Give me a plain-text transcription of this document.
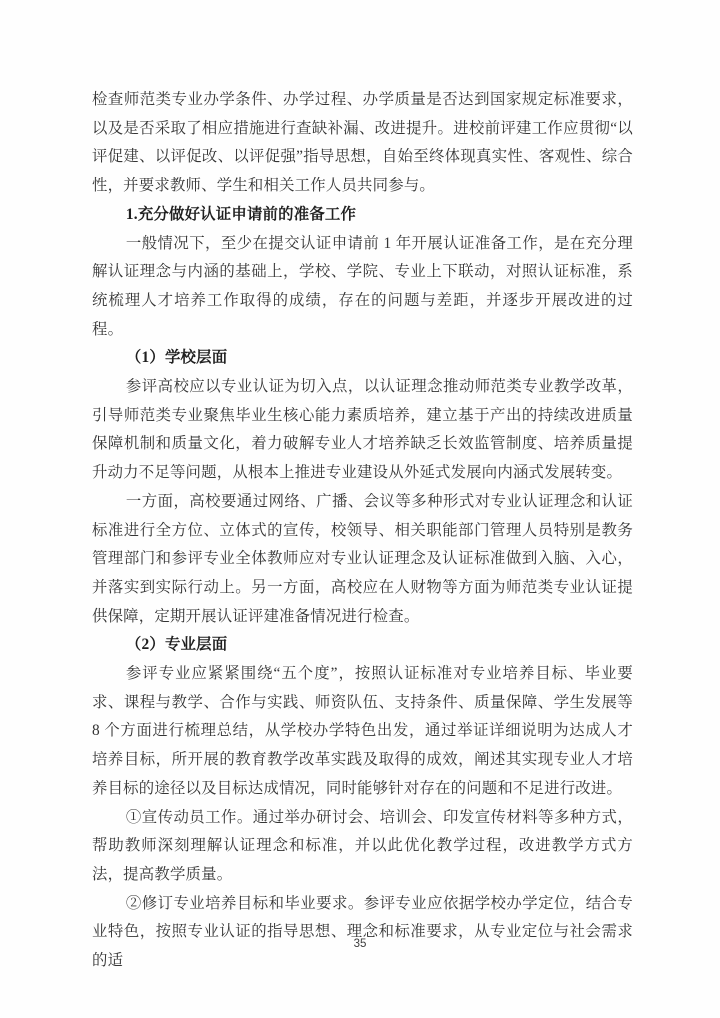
检查师范类专业办学条件、办学过程、办学质量是否达到国家规定标准要求，以及是否采取了相应措施进行查缺补漏、改进提升。进校前评建工作应贯彻“以评促建、以评促改、以评促强”指导思想，自始至终体现真实性、客观性、综合性，并要求教师、学生和相关工作人员共同参与。

1.充分做好认证申请前的准备工作

一般情况下，至少在提交认证申请前 1 年开展认证准备工作，是在充分理解认证理念与内涵的基础上，学校、学院、专业上下联动，对照认证标准，系统梳理人才培养工作取得的成绩，存在的问题与差距，并逐步开展改进的过程。

（1）学校层面

参评高校应以专业认证为切入点，以认证理念推动师范类专业教学改革，引导师范类专业聚焦毕业生核心能力素质培养，建立基于产出的持续改进质量保障机制和质量文化，着力破解专业人才培养缺乏长效监管制度、培养质量提升动力不足等问题，从根本上推进专业建设从外延式发展向内涵式发展转变。

一方面，高校要通过网络、广播、会议等多种形式对专业认证理念和认证标准进行全方位、立体式的宣传，校领导、相关职能部门管理人员特别是教务管理部门和参评专业全体教师应对专业认证理念及认证标准做到入脑、入心，并落实到实际行动上。另一方面，高校应在人财物等方面为师范类专业认证提供保障，定期开展认证评建准备情况进行检查。

（2）专业层面

参评专业应紧紧围绕“五个度”，按照认证标准对专业培养目标、毕业要求、课程与教学、合作与实践、师资队伍、支持条件、质量保障、学生发展等 8 个方面进行梳理总结，从学校办学特色出发，通过举证详细说明为达成人才培养目标，所开展的教育教学改革实践及取得的成效，阐述其实现专业人才培养目标的途径以及目标达成情况，同时能够针对存在的问题和不足进行改进。

①宣传动员工作。通过举办研讨会、培训会、印发宣传材料等多种方式，帮助教师深刻理解认证理念和标准，并以此优化教学过程，改进教学方式方法，提高教学质量。

②修订专业培养目标和毕业要求。参评专业应依据学校办学定位，结合专业特色，按照专业认证的指导思想、理念和标准要求，从专业定位与社会需求的适

35
